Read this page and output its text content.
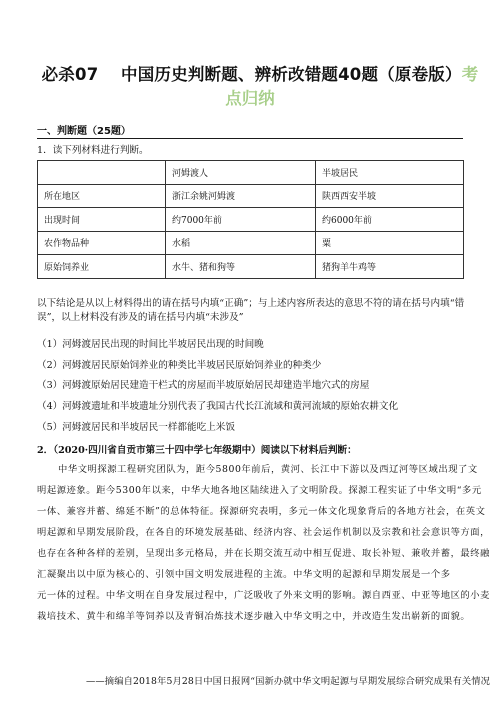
必杀07　 中国历史判断题、辨析改错题40题（原卷版）考
点归纳
一、判断题（25题）
1．读下列材料进行判断。
	河姆渡人	半坡居民
所在地区	浙江余姚河姆渡	陕西西安半坡
出现时间	约7000年前	约6000年前
农作物品种	水稻	粟
原始饲养业	水牛、猪和狗等	猪狗羊牛鸡等
以下结论是从以上材料得出的请在括号内填“正确”；与上述内容所表达的意思不符的请在括号内填“错
误”，以上材料没有涉及的请在括号内填“未涉及”
（1）河姆渡居民出现的时间比半坡居民出现的时间晚
（2）河姆渡居民原始饲养业的种类比半坡居民原始饲养业的种类少
（3）河姆渡原始居民建造干栏式的房屋而半坡原始居民却建造半地穴式的房屋
（4）河姆渡遗址和半坡遗址分别代表了我国古代长江流域和黄河流域的原始农耕文化
（5）河姆渡居民和半坡居民一样都能吃上米饭
2．（2020·四川省自贡市第三十四中学七年级期中）阅读以下材料后判断：
中华文明探源工程研究团队为，距今5800年前后，黄河、长江中下游以及西辽河等区域出现了文
明起源迹象。距今5300年以来，中华大地各地区陆续进入了文明阶段。探源工程实证了中华文明“多元
一体、兼容并蓄、绵延不断”的总体特征。探源研究表明，多元一体文化现象背后的各地方社会，在英文
明起源和早期发展阶段，在各自的环境发展基础、经济内容、社会运作机制以及宗教和社会意识等方面，
也存在各种各样的差别，呈现出多元格局，并在长期交流互动中相互促进、取长补短、兼收并蓄，最终融
汇凝聚出以中原为核心的、引领中国文明发展进程的主流。中华文明的起源和早期发展是一个多
元一体的过程。中华文明在自身发展过程中，广泛吸收了外来文明的影响。源自西亚、中亚等地区的小麦
栽培技术、黄牛和绵羊等饲养以及青铜冶炼技术逐步融入中华文明之中，并改造生发出崭新的面貌。
——摘编自2018年5月28日中国日报网“国新办就中华文明起源与早期发展综合研究成果有关情况
